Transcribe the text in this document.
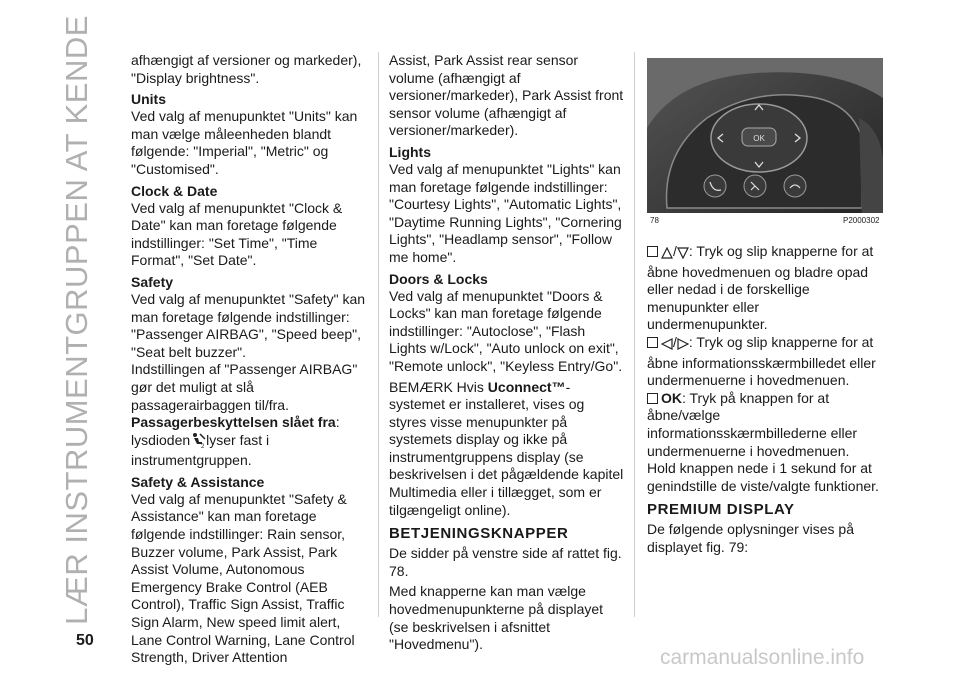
LÆR INSTRUMENTGRUPPEN AT KENDE	afhængigt af versioner og markeder), "Display brightness".

Units

Ved valg af menupunktet "Units" kan man vælge måleenheden blandt følgende: "Imperial", "Metric" og "Customised".

Clock & Date

Ved valg af menupunktet "Clock & Date" kan man foretage følgende indstillinger: "Set Time", "Time Format", "Set Date".

Safety

Ved valg af menupunktet "Safety" kan man foretage følgende indstillinger: "Passenger AIRBAG", "Speed beep", "Seat belt buzzer".

Indstillingen af "Passenger AIRBAG" gør det muligt at slå passagerairbaggen til/fra. Passagerbeskyttelsen slået fra: lysdioden 2 lyser fast i instrumentgruppen.

Safety & Assistance

Ved valg af menupunktet "Safety & Assistance" kan man foretage følgende indstillinger: Rain sensor, Buzzer volume, Park Assist, Park Assist Volume, Autonomous Emergency Brake Control (AEB Control), Traffic Sign Assist, Traffic Sign Alarm, New speed limit alert, Lane Control Warning, Lane Control Strength, Driver Attention

Assist, Park Assist rear sensor volume (afhængigt af versioner/markeder), Park Assist front sensor volume (afhængigt af versioner/markeder).

Lights

Ved valg af menupunktet "Lights" kan man foretage følgende indstillinger: "Courtesy Lights", "Automatic Lights", "Daytime Running Lights", "Cornering Lights", "Headlamp sensor", "Follow me home".

Doors & Locks

Ved valg af menupunktet "Doors & Locks" kan man foretage følgende indstillinger: "Autoclose", "Flash Lights w/Lock", "Auto unlock on exit", "Remote unlock", "Keyless Entry/Go".

BEMÆRK Hvis Uconnect™-systemet er installeret, vises og styres visse menupunkter på systemets display og ikke på instrumentgruppens display (se beskrivelsen i det pågældende kapitel Multimedia eller i tillægget, som er tilgængeligt online).

BETJENINGSKNAPPER

De sidder på venstre side af rattet fig. 78.

Med knapperne kan man vælge hovedmenupunkterne på displayet (se beskrivelsen i afsnittet "Hovedmenu").

OK
78	P2000302

/ : Tryk og slip knapperne for at åbne hovedmenuen og bladre opad eller nedad i de forskellige menupunkter eller undermenupunkter.

/ : Tryk og slip knapperne for at åbne informationsskærmbilledet eller undermenuerne i hovedmenuen.

OK: Tryk på knappen for at åbne/vælge informationsskærmbillederne eller undermenuerne i hovedmenuen.

Hold knappen nede i 1 sekund for at genindstille de viste/valgte funktioner.

PREMIUM DISPLAY

De følgende oplysninger vises på displayet fig. 79:

50
carmanualsonline.info
